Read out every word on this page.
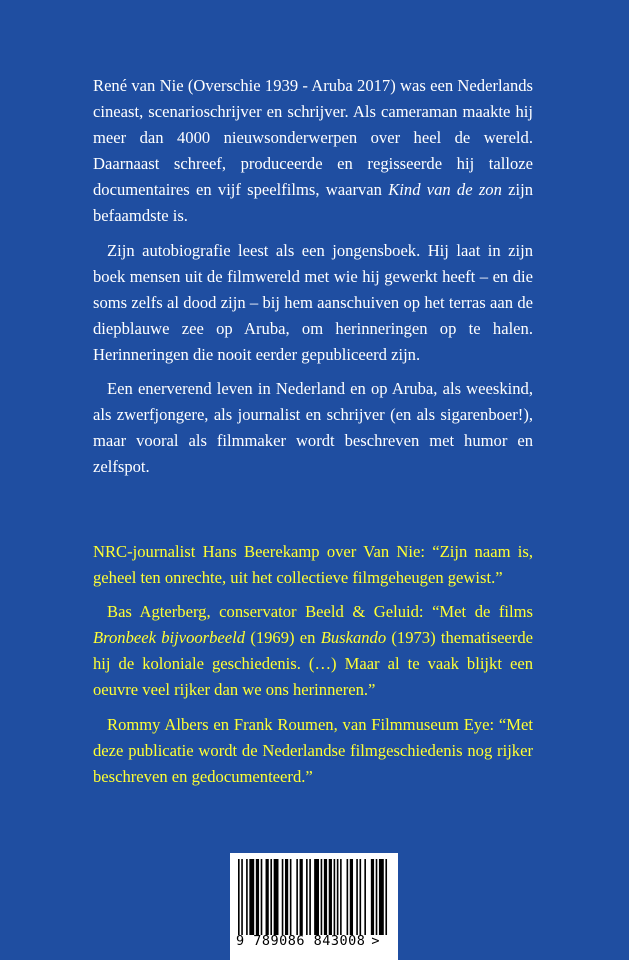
René van Nie (Overschie 1939 - Aruba 2017) was een Nederlands cineast, scenarioschrijver en schrijver. Als cameraman maakte hij meer dan 4000 nieuwsonderwerpen over heel de wereld. Daarnaast schreef, produceerde en regisseerde hij talloze documentaires en vijf speelfilms, waarvan Kind van de zon zijn befaamdste is.

Zijn autobiografie leest als een jongensboek. Hij laat in zijn boek mensen uit de filmwereld met wie hij gewerkt heeft – en die soms zelfs al dood zijn – bij hem aanschuiven op het terras aan de diepblauwe zee op Aruba, om herinneringen op te halen. Herinneringen die nooit eerder gepubliceerd zijn.

Een enerverend leven in Nederland en op Aruba, als weeskind, als zwerfjongere, als journalist en schrijver (en als sigarenboer!), maar vooral als filmmaker wordt beschreven met humor en zelfspot.

NRC-journalist Hans Beerekamp over Van Nie: “Zijn naam is, geheel ten onrechte, uit het collectieve filmgeheugen gewist.”

Bas Agterberg, conservator Beeld & Geluid: “Met de films Bronbeek bijvoorbeeld (1969) en Buskando (1973) thematiseerde hij de koloniale geschiedenis. (…) Maar al te vaak blijkt een oeuvre veel rijker dan we ons herinneren.”

Rommy Albers en Frank Roumen, van Filmmuseum Eye: “Met deze publicatie wordt de Nederlandse filmgeschiedenis nog rijker beschreven en gedocumenteerd.”

9 789086 843008 >
